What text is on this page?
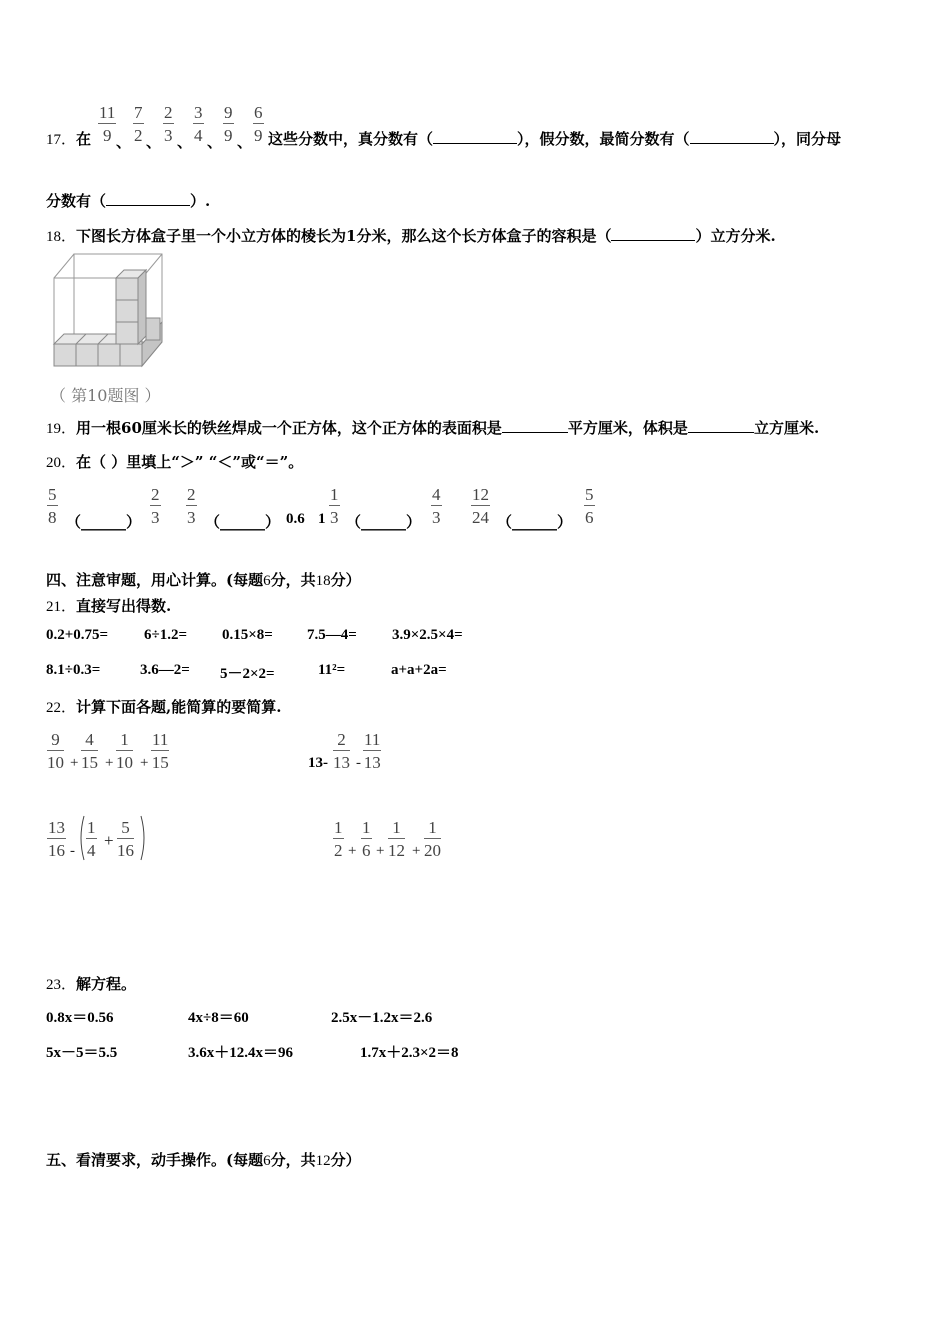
11
9
7
2
2
3
3
4
9
9
6
9
、 、 、 、 、
17．在	这些分数中，真分数有（	），假分数，最简分数有（	），同分母
分数有（	）.
18．下图长方体盒子里一个小立方体的棱长为1分米，那么这个长方体盒子的容积是（	）立方分米.
（ 第10题图 ）
19．用一根60厘米长的铁丝焊成一个正方体，这个正方体的表面积是	平方厘米，体积是	立方厘米.
20．在（ ）里填上“＞” “＜”或“＝”。
5
8 （______）
2
3
2
3 （______） 0.6 1
1
3 （______）
4
3
12
24 （______）
5
6
四、注意审题，用心计算。(每题6分，共18分）
21．直接写出得数.
0.2+0.75= 6÷1.2= 0.15×8= 7.5—4= 3.9×2.5×4=
8.1÷0.3=	3.6—2= 5－2×2=	11²=	a+a+2a=
22．计算下面各题,能简算的要简算.
9
10 +
4
15 +
1
10 +
11
15	13-
2
13 -
11
13
13
16 -
1
4
+
5
16
1
2 +
1
6 +
1
12 +
1
20
23．解方程。
0.8x＝0.56	4x÷8＝60	2.5x－1.2x＝2.6
5x－5＝5.5	3.6x＋12.4x＝96	1.7x＋2.3×2＝8
五、看清要求，动手操作。(每题6分，共12分）
